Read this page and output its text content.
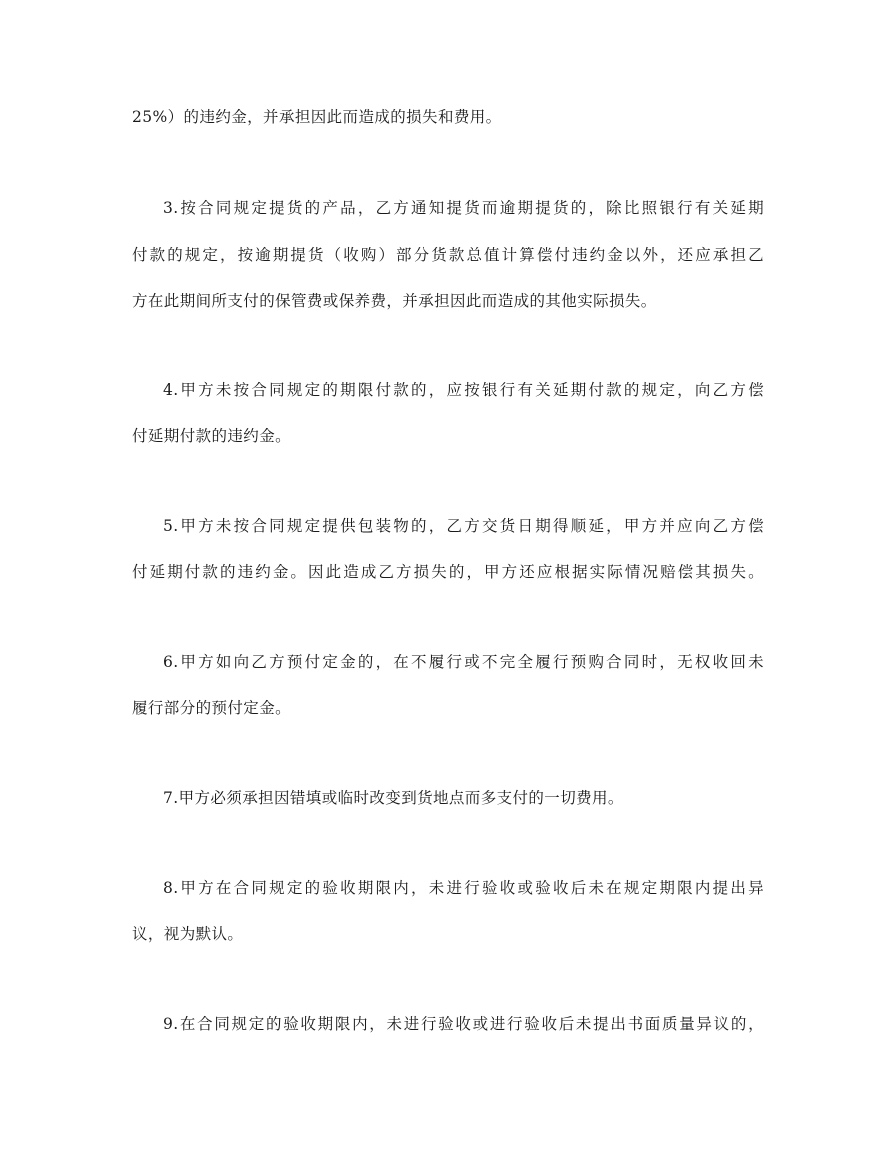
25%）的违约金，并承担因此而造成的损失和费用。
3.按合同规定提货的产品，乙方通知提货而逾期提货的，除比照银行有关延期
付款的规定，按逾期提货（收购）部分货款总值计算偿付违约金以外，还应承担乙
方在此期间所支付的保管费或保养费，并承担因此而造成的其他实际损失。
4.甲方未按合同规定的期限付款的，应按银行有关延期付款的规定，向乙方偿
付延期付款的违约金。
5.甲方未按合同规定提供包装物的，乙方交货日期得顺延，甲方并应向乙方偿
付延期付款的违约金。因此造成乙方损失的，甲方还应根据实际情况赔偿其损失。
6.甲方如向乙方预付定金的，在不履行或不完全履行预购合同时，无权收回未
履行部分的预付定金。
7.甲方必须承担因错填或临时改变到货地点而多支付的一切费用。
8.甲方在合同规定的验收期限内，未进行验收或验收后未在规定期限内提出异
议，视为默认。
9.在合同规定的验收期限内，未进行验收或进行验收后未提出书面质量异议的，
